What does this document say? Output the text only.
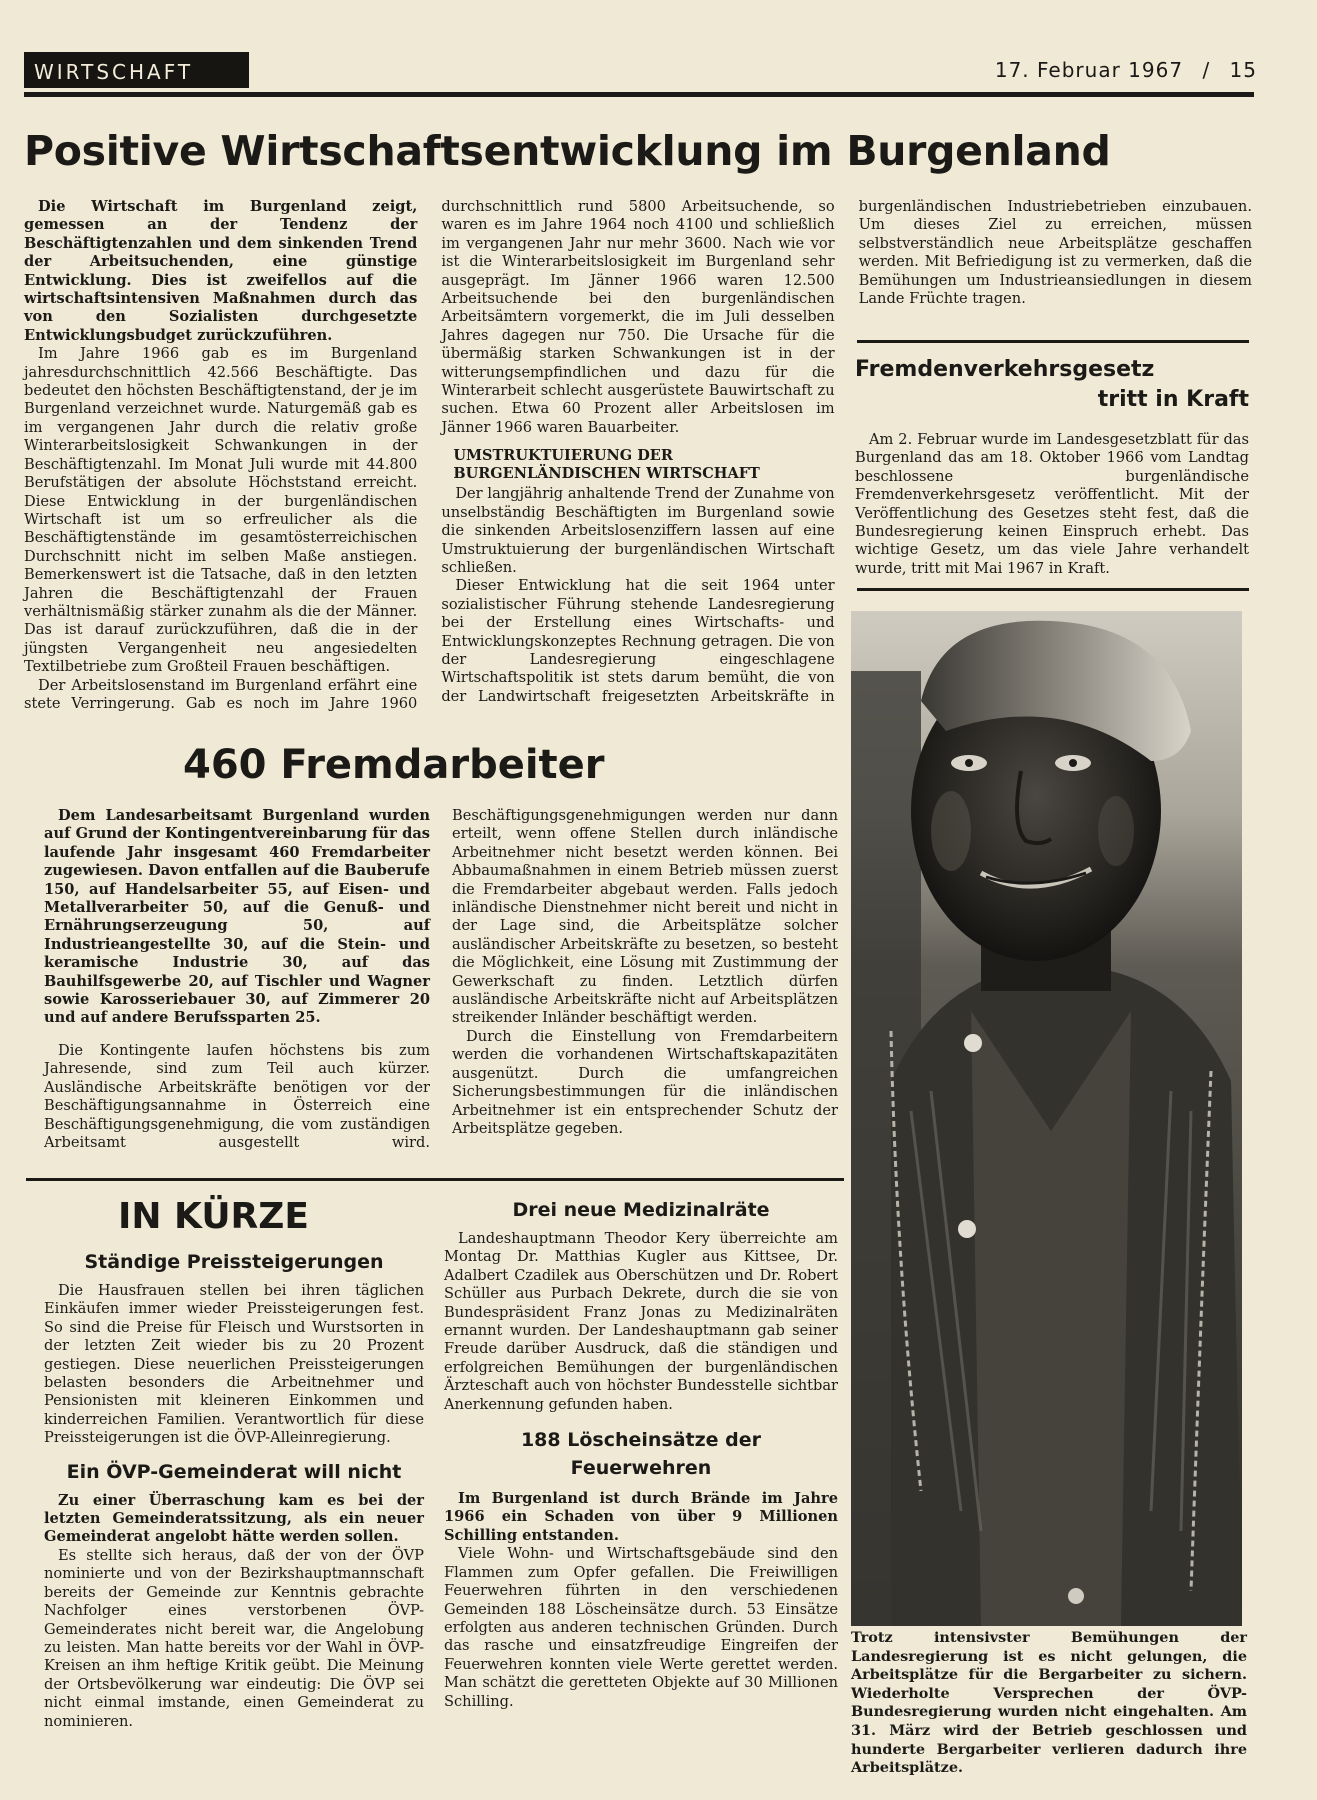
WIRTSCHAFT	17. Februar 1967 / 15
Positive Wirtschaftsentwicklung im Burgenland

Die Wirtschaft im Burgenland zeigt, gemessen an der Tendenz der Beschäftigtenzahlen und dem sinkenden Trend der Arbeitsuchenden, eine günstige Entwicklung. Dies ist zweifellos auf die wirtschaftsintensiven Maßnahmen durch das von den Sozialisten durchgesetzte Entwicklungsbudget zurückzuführen.

Im Jahre 1966 gab es im Burgenland jahresdurchschnittlich 42.566 Beschäftigte. Das bedeutet den höchsten Beschäftigtenstand, der je im Burgenland verzeichnet wurde. Naturgemäß gab es im vergangenen Jahr durch die relativ große Winterarbeitslosigkeit Schwankungen in der Beschäftigtenzahl. Im Monat Juli wurde mit 44.800 Berufstätigen der absolute Höchststand erreicht. Diese Entwicklung in der burgenländischen Wirtschaft ist um so erfreulicher als die Beschäftigtenstände im gesamtösterreichischen Durchschnitt nicht im selben Maße anstiegen. Bemerkenswert ist die Tatsache, daß in den letzten Jahren die Beschäftigtenzahl der Frauen verhältnismäßig stärker zunahm als die der Männer. Das ist darauf zurückzuführen, daß die in der jüngsten Vergangenheit neu angesiedelten Textilbetriebe zum Großteil Frauen beschäftigen.

Der Arbeitslosenstand im Burgenland erfährt eine stete Verringerung. Gab es noch im Jahre 1960 durchschnittlich rund 5800 Arbeitsuchende, so waren es im Jahre 1964 noch 4100 und schließlich im vergangenen Jahr nur mehr 3600. Nach wie vor ist die Winterarbeitslosigkeit im Burgenland sehr ausgeprägt. Im Jänner 1966 waren 12.500 Arbeitsuchende bei den burgenländischen Arbeitsämtern vorgemerkt, die im Juli desselben Jahres dagegen nur 750. Die Ursache für die übermäßig starken Schwankungen ist in der witterungsempfindlichen und dazu für die Winterarbeit schlecht ausgerüstete Bauwirtschaft zu suchen. Etwa 60 Prozent aller Arbeitslosen im Jänner 1966 waren Bauarbeiter.

UMSTRUKTUIERUNG DER BURGENLÄNDISCHEN WIRTSCHAFT

Der langjährig anhaltende Trend der Zunahme von unselbständig Beschäftigten im Burgenland sowie die sinkenden Arbeitslosenziffern lassen auf eine Umstruktuierung der burgenländischen Wirtschaft schließen.

Dieser Entwicklung hat die seit 1964 unter sozialistischer Führung stehende Landesregierung bei der Erstellung eines Wirtschafts- und Entwicklungskonzeptes Rechnung getragen. Die von der Landesregierung eingeschlagene Wirtschaftspolitik ist stets darum bemüht, die von der Landwirtschaft freigesetzten Arbeitskräfte in burgenländischen Industriebetrieben einzubauen. Um dieses Ziel zu erreichen, müssen selbstverständlich neue Arbeitsplätze geschaffen werden. Mit Befriedigung ist zu vermerken, daß die Bemühungen um Industrieansiedlungen in diesem Lande Früchte tragen.

Fremdenverkehrsgesetz
tritt in Kraft

Am 2. Februar wurde im Landesgesetzblatt für das Burgenland das am 18. Oktober 1966 vom Landtag beschlossene burgenländische Fremdenverkehrsgesetz veröffentlicht. Mit der Veröffentlichung des Gesetzes steht fest, daß die Bundesregierung keinen Einspruch erhebt. Das wichtige Gesetz, um das viele Jahre verhandelt wurde, tritt mit Mai 1967 in Kraft.

460 Fremdarbeiter

Dem Landesarbeitsamt Burgenland wurden auf Grund der Kontingentvereinbarung für das laufende Jahr insgesamt 460 Fremdarbeiter zugewiesen. Davon entfallen auf die Bauberufe 150, auf Handelsarbeiter 55, auf Eisen- und Metallverarbeiter 50, auf die Genuß- und Ernährungserzeugung 50, auf Industrieangestellte 30, auf die Stein- und keramische Industrie 30, auf das Bauhilfsgewerbe 20, auf Tischler und Wagner sowie Karosseriebauer 30, auf Zimmerer 20 und auf andere Berufssparten 25.

Die Kontingente laufen höchstens bis zum Jahresende, sind zum Teil auch kürzer. Ausländische Arbeitskräfte benötigen vor der Beschäftigungsannahme in Österreich eine Beschäftigungsgenehmigung, die vom zuständigen Arbeitsamt ausgestellt wird. Beschäftigungsgenehmigungen werden nur dann erteilt, wenn offene Stellen durch inländische Arbeitnehmer nicht besetzt werden können. Bei Abbaumaßnahmen in einem Betrieb müssen zuerst die Fremdarbeiter abgebaut werden. Falls jedoch inländische Dienstnehmer nicht bereit und nicht in der Lage sind, die Arbeitsplätze solcher ausländischer Arbeitskräfte zu besetzen, so besteht die Möglichkeit, eine Lösung mit Zustimmung der Gewerkschaft zu finden. Letztlich dürfen ausländische Arbeitskräfte nicht auf Arbeitsplätzen streikender Inländer beschäftigt werden.

Durch die Einstellung von Fremdarbeitern werden die vorhandenen Wirtschaftskapazitäten ausgenützt. Durch die umfangreichen Sicherungsbestimmungen für die inländischen Arbeitnehmer ist ein entsprechender Schutz der Arbeitsplätze gegeben.

IN KÜRZE
Ständige Preissteigerungen

Die Hausfrauen stellen bei ihren täglichen Einkäufen immer wieder Preissteigerungen fest. So sind die Preise für Fleisch und Wurstsorten in der letzten Zeit wieder bis zu 20 Prozent gestiegen. Diese neuerlichen Preissteigerungen belasten besonders die Arbeitnehmer und Pensionisten mit kleineren Einkommen und kinderreichen Familien. Verantwortlich für diese Preissteigerungen ist die ÖVP-Alleinregierung.

Ein ÖVP-Gemeinderat will nicht

Zu einer Überraschung kam es bei der letzten Gemeinderatssitzung, als ein neuer Gemeinderat angelobt hätte werden sollen.

Es stellte sich heraus, daß der von der ÖVP nominierte und von der Bezirkshauptmannschaft bereits der Gemeinde zur Kenntnis gebrachte Nachfolger eines verstorbenen ÖVP-Gemeinderates nicht bereit war, die Angelobung zu leisten. Man hatte bereits vor der Wahl in ÖVP-Kreisen an ihm heftige Kritik geübt. Die Meinung der Ortsbevölkerung war eindeutig: Die ÖVP sei nicht einmal imstande, einen Gemeinderat zu nominieren.

Drei neue Medizinalräte

Landeshauptmann Theodor Kery überreichte am Montag Dr. Matthias Kugler aus Kittsee, Dr. Adalbert Czadilek aus Oberschützen und Dr. Robert Schüller aus Purbach Dekrete, durch die sie von Bundespräsident Franz Jonas zu Medizinalräten ernannt wurden. Der Landeshauptmann gab seiner Freude darüber Ausdruck, daß die ständigen und erfolgreichen Bemühungen der burgenländischen Ärzteschaft auch von höchster Bundesstelle sichtbar Anerkennung gefunden haben.

188 Löscheinsätze der
Feuerwehren

Im Burgenland ist durch Brände im Jahre 1966 ein Schaden von über 9 Millionen Schilling entstanden.

Viele Wohn- und Wirtschaftsgebäude sind den Flammen zum Opfer gefallen. Die Freiwilligen Feuerwehren führten in den verschiedenen Gemeinden 188 Löscheinsätze durch. 53 Einsätze erfolgten aus anderen technischen Gründen. Durch das rasche und einsatzfreudige Eingreifen der Feuerwehren konnten viele Werte gerettet werden. Man schätzt die geretteten Objekte auf 30 Millionen Schilling.

Trotz intensivster Bemühungen der Landesregierung ist es nicht gelungen, die Arbeitsplätze für die Bergarbeiter zu sichern. Wiederholte Versprechen der ÖVP-Bundesregierung wurden nicht eingehalten. Am 31. März wird der Betrieb geschlossen und hunderte Bergarbeiter verlieren dadurch ihre Arbeitsplätze.
